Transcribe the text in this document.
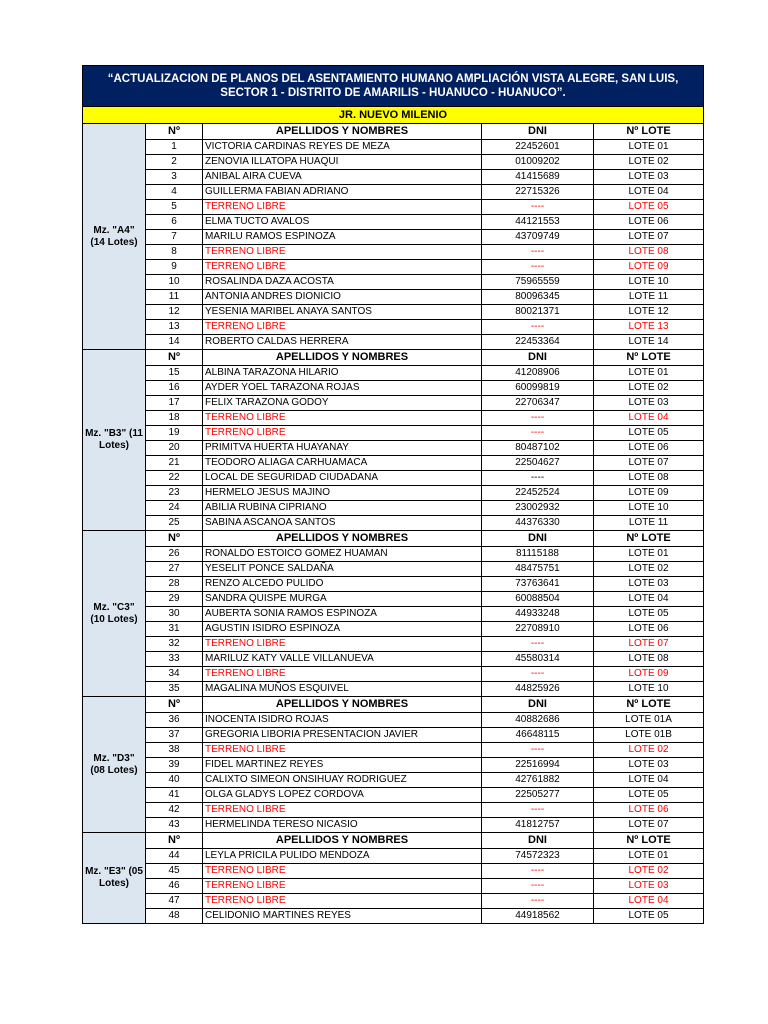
“ACTUALIZACION DE PLANOS DEL ASENTAMIENTO HUMANO AMPLIACIÓN VISTA ALEGRE, SAN LUIS, SECTOR 1 - DISTRITO DE AMARILIS - HUANUCO - HUANUCO”.				
JR. NUEVO MILENIO				
Mz. "A4" (14 Lotes)	Nº	APELLIDOS Y NOMBRES	DNI	Nº LOTE
	1	VICTORIA CARDINAS REYES DE MEZA	22452601	LOTE 01
	2	ZENOVIA ILLATOPA HUAQUI	01009202	LOTE 02
	3	ANIBAL AIRA CUEVA	41415689	LOTE 03
	4	GUILLERMA FABIAN ADRIANO	22715326	LOTE 04
	5	TERRENO LIBRE	----	LOTE 05
	6	ELMA TUCTO AVALOS	44121553	LOTE 06
	7	MARILU RAMOS ESPINOZA	43709749	LOTE 07
	8	TERRENO LIBRE	----	LOTE 08
	9	TERRENO LIBRE	----	LOTE 09
	10	ROSALINDA DAZA ACOSTA	75965559	LOTE 10
	11	ANTONIA ANDRES DIONICIO	80096345	LOTE 11
	12	YESENIA MARIBEL ANAYA SANTOS	80021371	LOTE 12
	13	TERRENO LIBRE	----	LOTE 13
	14	ROBERTO CALDAS HERRERA	22453364	LOTE 14
Mz. "B3" (11 Lotes)	Nº	APELLIDOS Y NOMBRES	DNI	Nº LOTE
	15	ALBINA TARAZONA HILARIO	41208906	LOTE 01
	16	AYDER YOEL TARAZONA ROJAS	60099819	LOTE 02
	17	FELIX TARAZONA GODOY	22706347	LOTE 03
	18	TERRENO LIBRE	----	LOTE 04
	19	TERRENO LIBRE	----	LOTE 05
	20	PRIMITVA HUERTA HUAYANAY	80487102	LOTE 06
	21	TEODORO ALIAGA CARHUAMACA	22504627	LOTE 07
	22	LOCAL DE SEGURIDAD CIUDADANA	----	LOTE 08
	23	HERMELO JESUS MAJINO	22452524	LOTE 09
	24	ABILIA RUBINA CIPRIANO	23002932	LOTE 10
	25	SABINA ASCANOA SANTOS	44376330	LOTE 11
Mz. "C3" (10 Lotes)	Nº	APELLIDOS Y NOMBRES	DNI	Nº LOTE
	26	RONALDO ESTOICO GOMEZ HUAMAN	81115188	LOTE 01
	27	YESELIT PONCE SALDAÑA	48475751	LOTE 02
	28	RENZO ALCEDO PULIDO	73763641	LOTE 03
	29	SANDRA QUISPE MURGA	60088504	LOTE 04
	30	AUBERTA SONIA RAMOS ESPINOZA	44933248	LOTE 05
	31	AGUSTIN ISIDRO ESPINOZA	22708910	LOTE 06
	32	TERRENO LIBRE	----	LOTE 07
	33	MARILUZ KATY VALLE VILLANUEVA	45580314	LOTE 08
	34	TERRENO LIBRE	----	LOTE 09
	35	MAGALINA MUÑOS ESQUIVEL	44825926	LOTE 10
Mz. "D3" (08 Lotes)	Nº	APELLIDOS Y NOMBRES	DNI	Nº LOTE
	36	INOCENTA ISIDRO ROJAS	40882686	LOTE 01A
	37	GREGORIA LIBORIA PRESENTACION JAVIER	46648115	LOTE 01B
	38	TERRENO LIBRE	----	LOTE 02
	39	FIDEL MARTINEZ REYES	22516994	LOTE 03
	40	CALIXTO SIMEON ONSIHUAY RODRIGUEZ	42761882	LOTE 04
	41	OLGA GLADYS LOPEZ CORDOVA	22505277	LOTE 05
	42	TERRENO LIBRE	----	LOTE 06
	43	HERMELINDA TERESO NICASIO	41812757	LOTE 07
Mz. "E3" (05 Lotes)	Nº	APELLIDOS Y NOMBRES	DNI	Nº LOTE
	44	LEYLA PRICILA PULIDO MENDOZA	74572323	LOTE 01
	45	TERRENO LIBRE	----	LOTE 02
	46	TERRENO LIBRE	----	LOTE 03
	47	TERRENO LIBRE	----	LOTE 04
	48	CELIDONIO MARTINES REYES	44918562	LOTE 05
